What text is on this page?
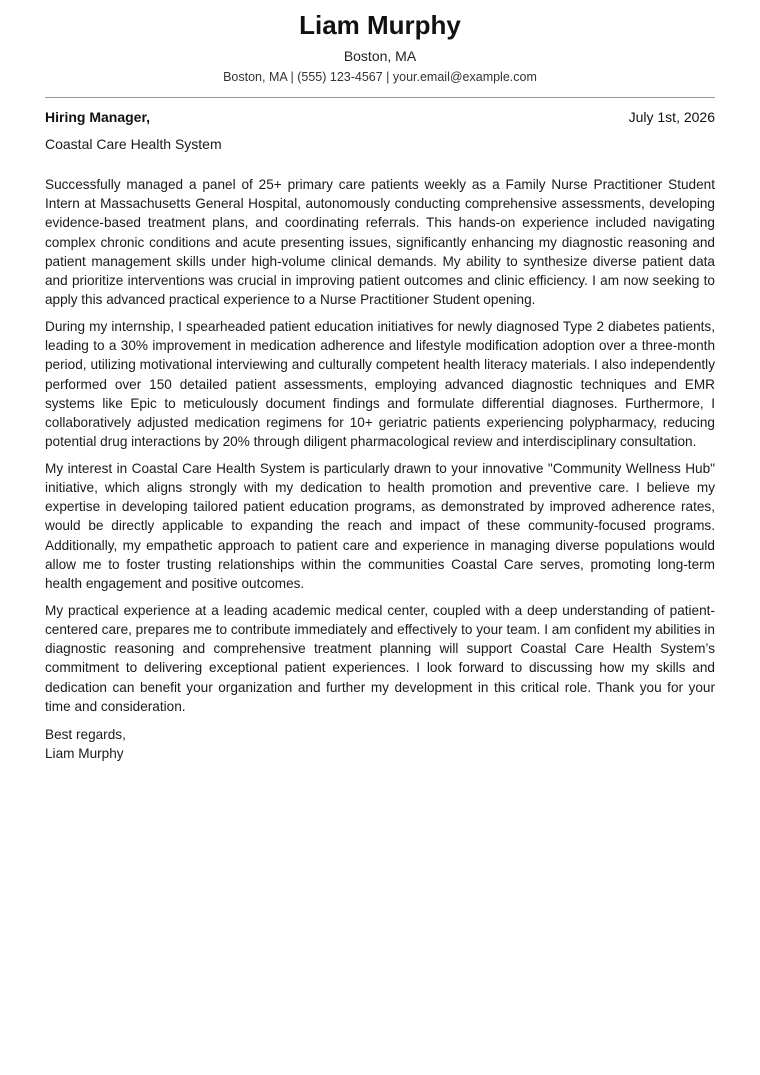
Liam Murphy
Boston, MA
Boston, MA | (555) 123-4567 | your.email@example.com
Hiring Manager,	July 1st, 2026
Coastal Care Health System

Successfully managed a panel of 25+ primary care patients weekly as a Family Nurse Practitioner Student Intern at Massachusetts General Hospital, autonomously conducting comprehensive assessments, developing evidence-based treatment plans, and coordinating referrals. This hands-on experience included navigating complex chronic conditions and acute presenting issues, significantly enhancing my diagnostic reasoning and patient management skills under high-volume clinical demands. My ability to synthesize diverse patient data and prioritize interventions was crucial in improving patient outcomes and clinic efficiency. I am now seeking to apply this advanced practical experience to a Nurse Practitioner Student opening.

During my internship, I spearheaded patient education initiatives for newly diagnosed Type 2 diabetes patients, leading to a 30% improvement in medication adherence and lifestyle modification adoption over a three-month period, utilizing motivational interviewing and culturally competent health literacy materials. I also independently performed over 150 detailed patient assessments, employing advanced diagnostic techniques and EMR systems like Epic to meticulously document findings and formulate differential diagnoses. Furthermore, I collaboratively adjusted medication regimens for 10+ geriatric patients experiencing polypharmacy, reducing potential drug interactions by 20% through diligent pharmacological review and interdisciplinary consultation.

My interest in Coastal Care Health System is particularly drawn to your innovative "Community Wellness Hub" initiative, which aligns strongly with my dedication to health promotion and preventive care. I believe my expertise in developing tailored patient education programs, as demonstrated by improved adherence rates, would be directly applicable to expanding the reach and impact of these community-focused programs. Additionally, my empathetic approach to patient care and experience in managing diverse populations would allow me to foster trusting relationships within the communities Coastal Care serves, promoting long-term health engagement and positive outcomes.

My practical experience at a leading academic medical center, coupled with a deep understanding of patient-centered care, prepares me to contribute immediately and effectively to your team. I am confident my abilities in diagnostic reasoning and comprehensive treatment planning will support Coastal Care Health System’s commitment to delivering exceptional patient experiences. I look forward to discussing how my skills and dedication can benefit your organization and further my development in this critical role. Thank you for your time and consideration.

Best regards,
Liam Murphy
